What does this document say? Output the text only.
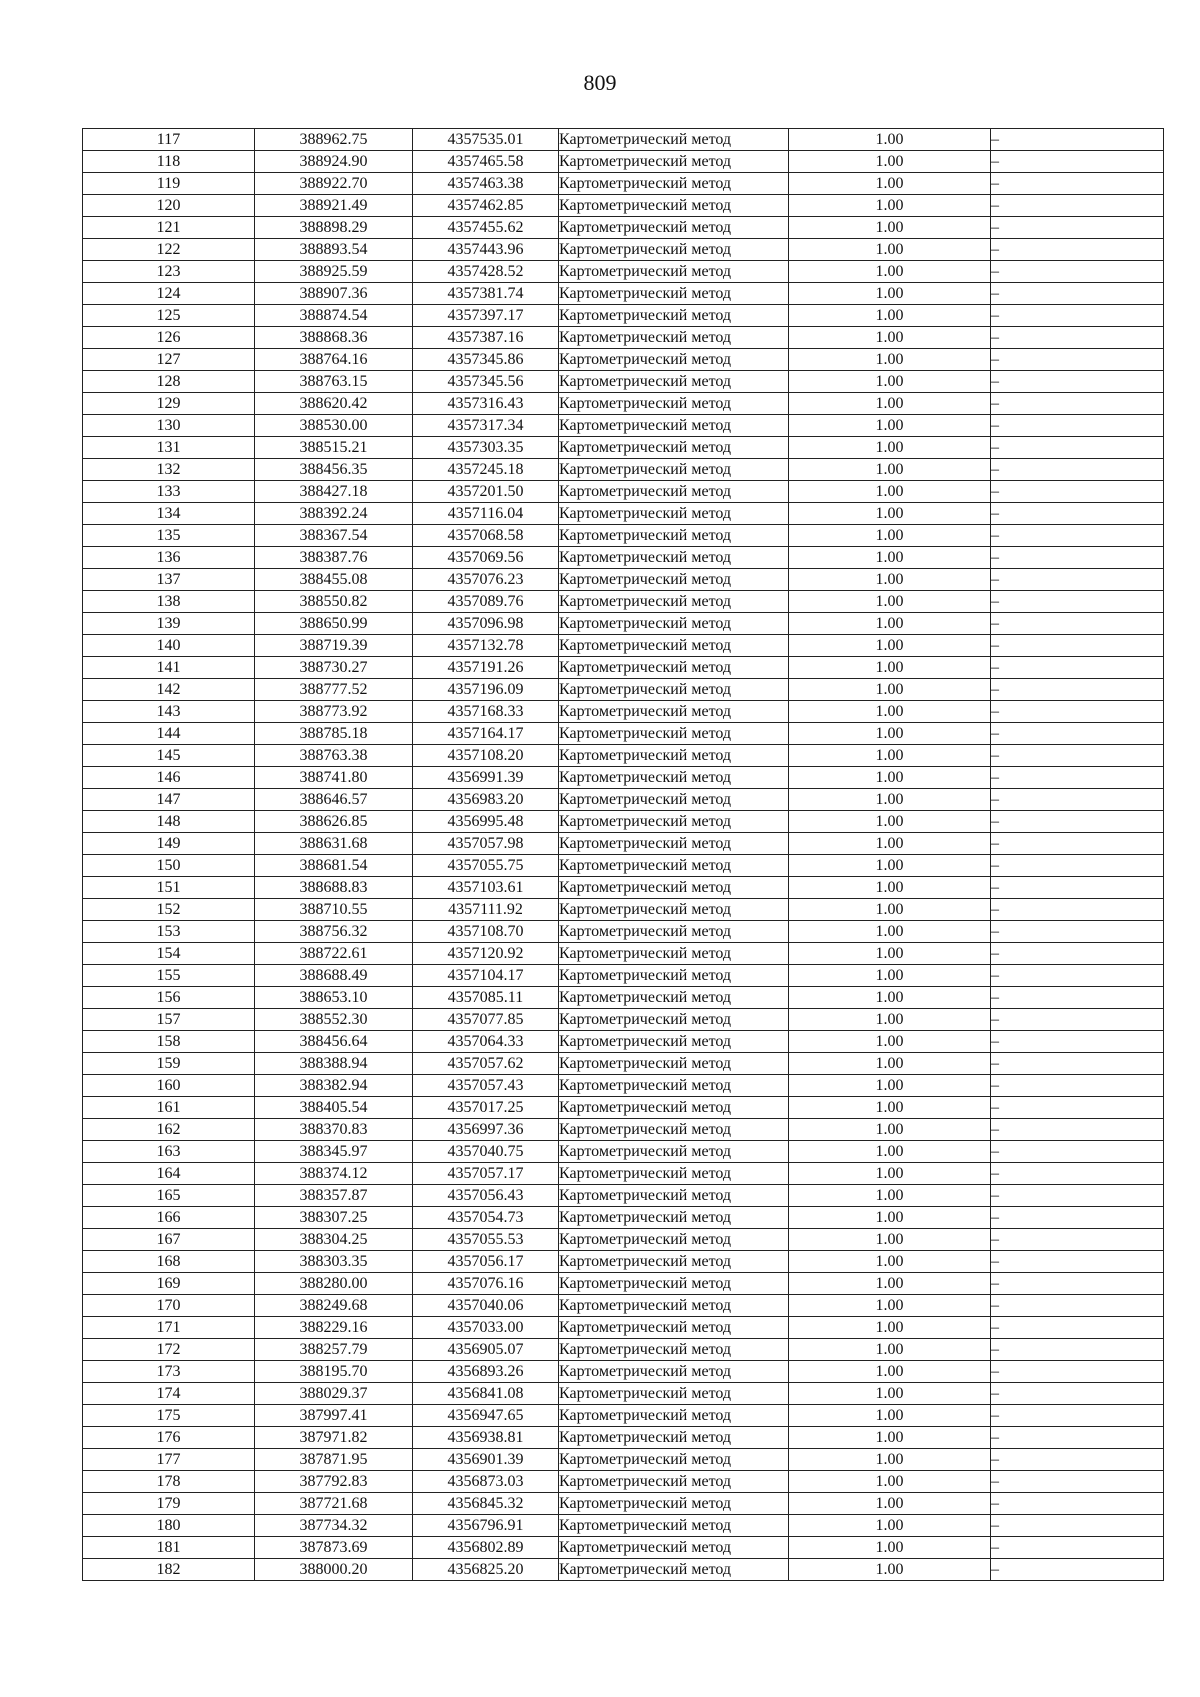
809
117	388962.75	4357535.01	Картометрический метод	1.00	–
118	388924.90	4357465.58	Картометрический метод	1.00	–
119	388922.70	4357463.38	Картометрический метод	1.00	–
120	388921.49	4357462.85	Картометрический метод	1.00	–
121	388898.29	4357455.62	Картометрический метод	1.00	–
122	388893.54	4357443.96	Картометрический метод	1.00	–
123	388925.59	4357428.52	Картометрический метод	1.00	–
124	388907.36	4357381.74	Картометрический метод	1.00	–
125	388874.54	4357397.17	Картометрический метод	1.00	–
126	388868.36	4357387.16	Картометрический метод	1.00	–
127	388764.16	4357345.86	Картометрический метод	1.00	–
128	388763.15	4357345.56	Картометрический метод	1.00	–
129	388620.42	4357316.43	Картометрический метод	1.00	–
130	388530.00	4357317.34	Картометрический метод	1.00	–
131	388515.21	4357303.35	Картометрический метод	1.00	–
132	388456.35	4357245.18	Картометрический метод	1.00	–
133	388427.18	4357201.50	Картометрический метод	1.00	–
134	388392.24	4357116.04	Картометрический метод	1.00	–
135	388367.54	4357068.58	Картометрический метод	1.00	–
136	388387.76	4357069.56	Картометрический метод	1.00	–
137	388455.08	4357076.23	Картометрический метод	1.00	–
138	388550.82	4357089.76	Картометрический метод	1.00	–
139	388650.99	4357096.98	Картометрический метод	1.00	–
140	388719.39	4357132.78	Картометрический метод	1.00	–
141	388730.27	4357191.26	Картометрический метод	1.00	–
142	388777.52	4357196.09	Картометрический метод	1.00	–
143	388773.92	4357168.33	Картометрический метод	1.00	–
144	388785.18	4357164.17	Картометрический метод	1.00	–
145	388763.38	4357108.20	Картометрический метод	1.00	–
146	388741.80	4356991.39	Картометрический метод	1.00	–
147	388646.57	4356983.20	Картометрический метод	1.00	–
148	388626.85	4356995.48	Картометрический метод	1.00	–
149	388631.68	4357057.98	Картометрический метод	1.00	–
150	388681.54	4357055.75	Картометрический метод	1.00	–
151	388688.83	4357103.61	Картометрический метод	1.00	–
152	388710.55	4357111.92	Картометрический метод	1.00	–
153	388756.32	4357108.70	Картометрический метод	1.00	–
154	388722.61	4357120.92	Картометрический метод	1.00	–
155	388688.49	4357104.17	Картометрический метод	1.00	–
156	388653.10	4357085.11	Картометрический метод	1.00	–
157	388552.30	4357077.85	Картометрический метод	1.00	–
158	388456.64	4357064.33	Картометрический метод	1.00	–
159	388388.94	4357057.62	Картометрический метод	1.00	–
160	388382.94	4357057.43	Картометрический метод	1.00	–
161	388405.54	4357017.25	Картометрический метод	1.00	–
162	388370.83	4356997.36	Картометрический метод	1.00	–
163	388345.97	4357040.75	Картометрический метод	1.00	–
164	388374.12	4357057.17	Картометрический метод	1.00	–
165	388357.87	4357056.43	Картометрический метод	1.00	–
166	388307.25	4357054.73	Картометрический метод	1.00	–
167	388304.25	4357055.53	Картометрический метод	1.00	–
168	388303.35	4357056.17	Картометрический метод	1.00	–
169	388280.00	4357076.16	Картометрический метод	1.00	–
170	388249.68	4357040.06	Картометрический метод	1.00	–
171	388229.16	4357033.00	Картометрический метод	1.00	–
172	388257.79	4356905.07	Картометрический метод	1.00	–
173	388195.70	4356893.26	Картометрический метод	1.00	–
174	388029.37	4356841.08	Картометрический метод	1.00	–
175	387997.41	4356947.65	Картометрический метод	1.00	–
176	387971.82	4356938.81	Картометрический метод	1.00	–
177	387871.95	4356901.39	Картометрический метод	1.00	–
178	387792.83	4356873.03	Картометрический метод	1.00	–
179	387721.68	4356845.32	Картометрический метод	1.00	–
180	387734.32	4356796.91	Картометрический метод	1.00	–
181	387873.69	4356802.89	Картометрический метод	1.00	–
182	388000.20	4356825.20	Картометрический метод	1.00	–
